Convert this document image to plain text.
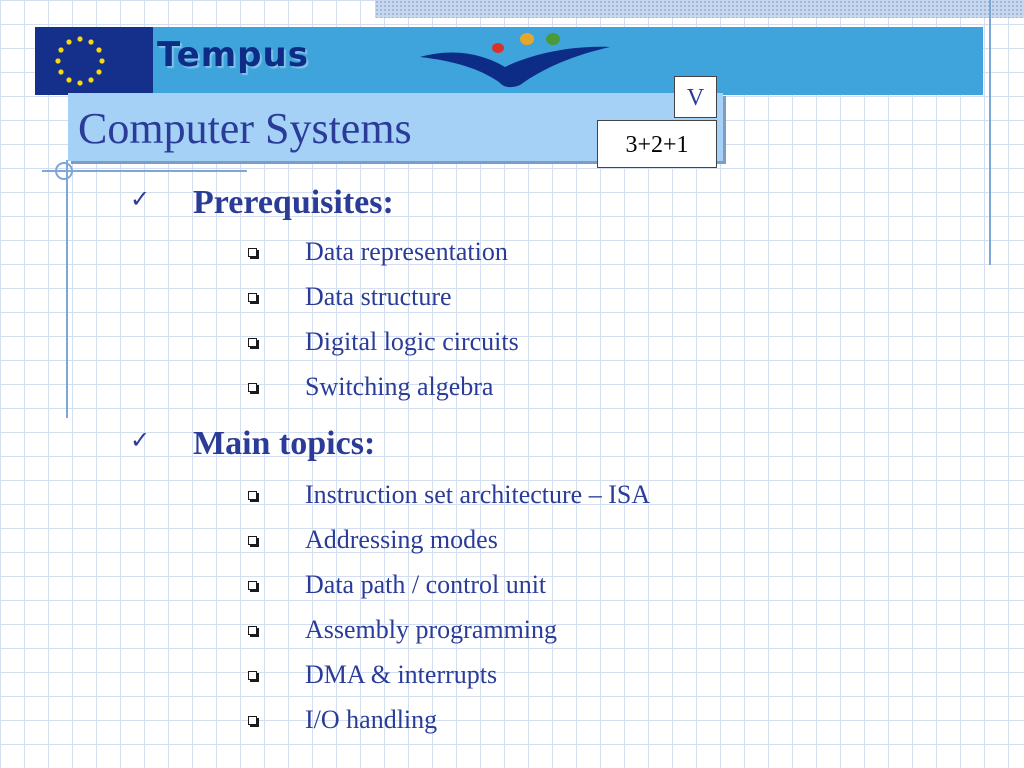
Tempus
Computer Systems
V
3+2+1
✓ Prerequisites:
Data representation
Data structure
Digital logic circuits
Switching algebra
✓ Main topics:
Instruction set architecture – ISA
Addressing modes
Data path / control unit
Assembly programming
DMA & interrupts
I/O handling
